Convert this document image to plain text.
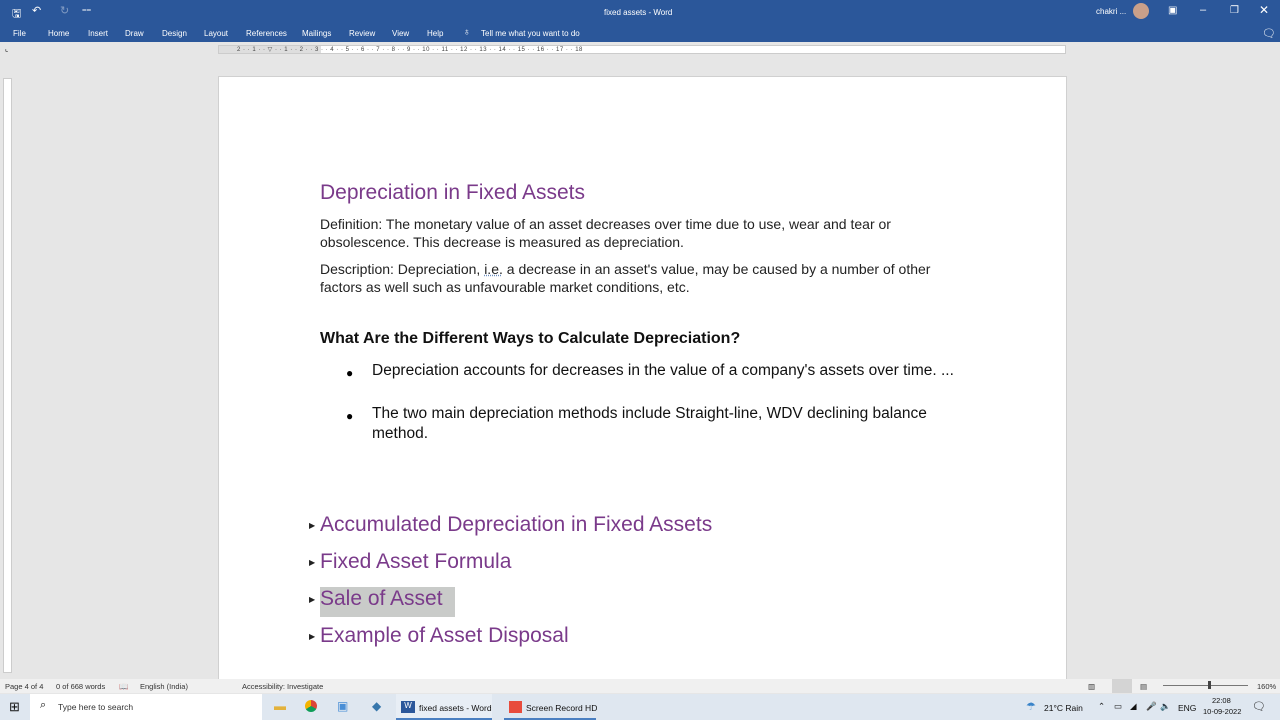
🖫 ↶ ↻ ⩵	fixed assets - Word	chakri ...	▣ – ❐ ✕
File	Home Insert Draw Design Layout References Mailings Review View Help ♁ Tell me what you want to do	🗨
⌞	2 · · 1 · · ▽ · · 1 · · 2 · · 3 · · 4 · · 5 · · 6 · · 7 · · 8 · · 9 · · 10 · · 11 · · 12 · · 13 · · 14 · · 15 · · 16 · · 17 · · 18
Depreciation in Fixed Assets
Definition: The monetary value of an asset decreases over time due to use, wear and tear or obsolescence. This decrease is measured as depreciation.
Description: Depreciation, i.e. a decrease in an asset's value, may be caused by a number of other factors as well such as unfavourable market conditions, etc.
What Are the Different Ways to Calculate Depreciation?
● Depreciation accounts for decreases in the value of a company's assets over time. ...
● The two main depreciation methods include Straight-line, WDV declining balance method.
▶ Accumulated Depreciation in Fixed Assets
▶ Fixed Asset Formula
▶ Sale of Asset
▶ Example of Asset Disposal
Page 4 of 4 0 of 668 words 📖 English (India)	Accessibility: Investigate	▥	▤	160%
⊞ ⌕ Type here to search	▬	▣ ◆	W fixed assets - Word	Screen Record HD	☂ 21°C Rain ⌃ ▭ ◢ 🎤 🔈 ENG
22:08
10-09-2022 🗨
